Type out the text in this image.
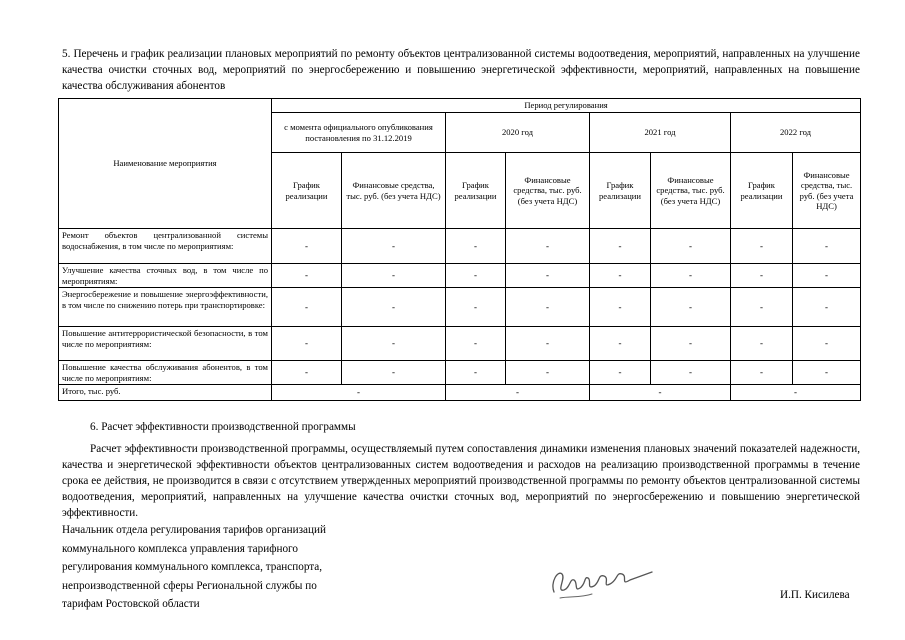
5. Перечень и график реализации плановых мероприятий по ремонту объектов централизованной системы водоотведения, мероприятий, направленных на улучшение качества очистки сточных вод, мероприятий по энергосбережению и повышению энергетической эффективности, мероприятий, направленных на повышение качества обслуживания абонентов
Наименование мероприятия	Период регулирования							
	с момента официального опубликования постановления по 31.12.2019		2020 год		2021 год		2022 год	
	График реализации	Финансовые средства, тыс. руб. (без учета НДС)	График реализации	Финансовые средства, тыс. руб. (без учета НДС)	График реализации	Финансовые средства, тыс. руб. (без учета НДС)	График реализации	Финансовые средства, тыс. руб. (без учета НДС)
Ремонт объектов централизованной системы водоснабжения, в том числе по мероприятиям:	-	-	-	-	-	-	-	-
Улучшение качества сточных вод, в том числе по мероприятиям:	-	-	-	-	-	-	-	-
Энергосбережение и повышение энергоэффективности, в том числе по снижению потерь при транспортировке:	-	-	-	-	-	-	-	-
Повышение антитеррористической безопасности, в том числе по мероприятиям:	-	-	-	-	-	-	-	-
Повышение качества обслуживания абонентов, в том числе по мероприятиям:	-	-	-	-	-	-	-	-
Итого, тыс. руб.	-		-		-		-	
6. Расчет эффективности производственной программы
Расчет эффективности производственной программы, осуществляемый путем сопоставления динамики изменения плановых значений показателей надежности, качества и энергетической эффективности объектов централизованных систем водоотведения и расходов на реализацию производственной программы в течение срока ее действия, не производится в связи с отсутствием утвержденных мероприятий производственной программы по ремонту объектов централизованной системы водоотведения, мероприятий, направленных на улучшение качества очистки сточных вод, мероприятий по энергосбережению и повышению энергетической эффективности.
Начальник отдела регулирования тарифов организаций
коммунального комплекса управления тарифного
регулирования коммунального комплекса, транспорта,
непроизводственной сферы Региональной службы по
тарифам Ростовской области
И.П. Кисилева
